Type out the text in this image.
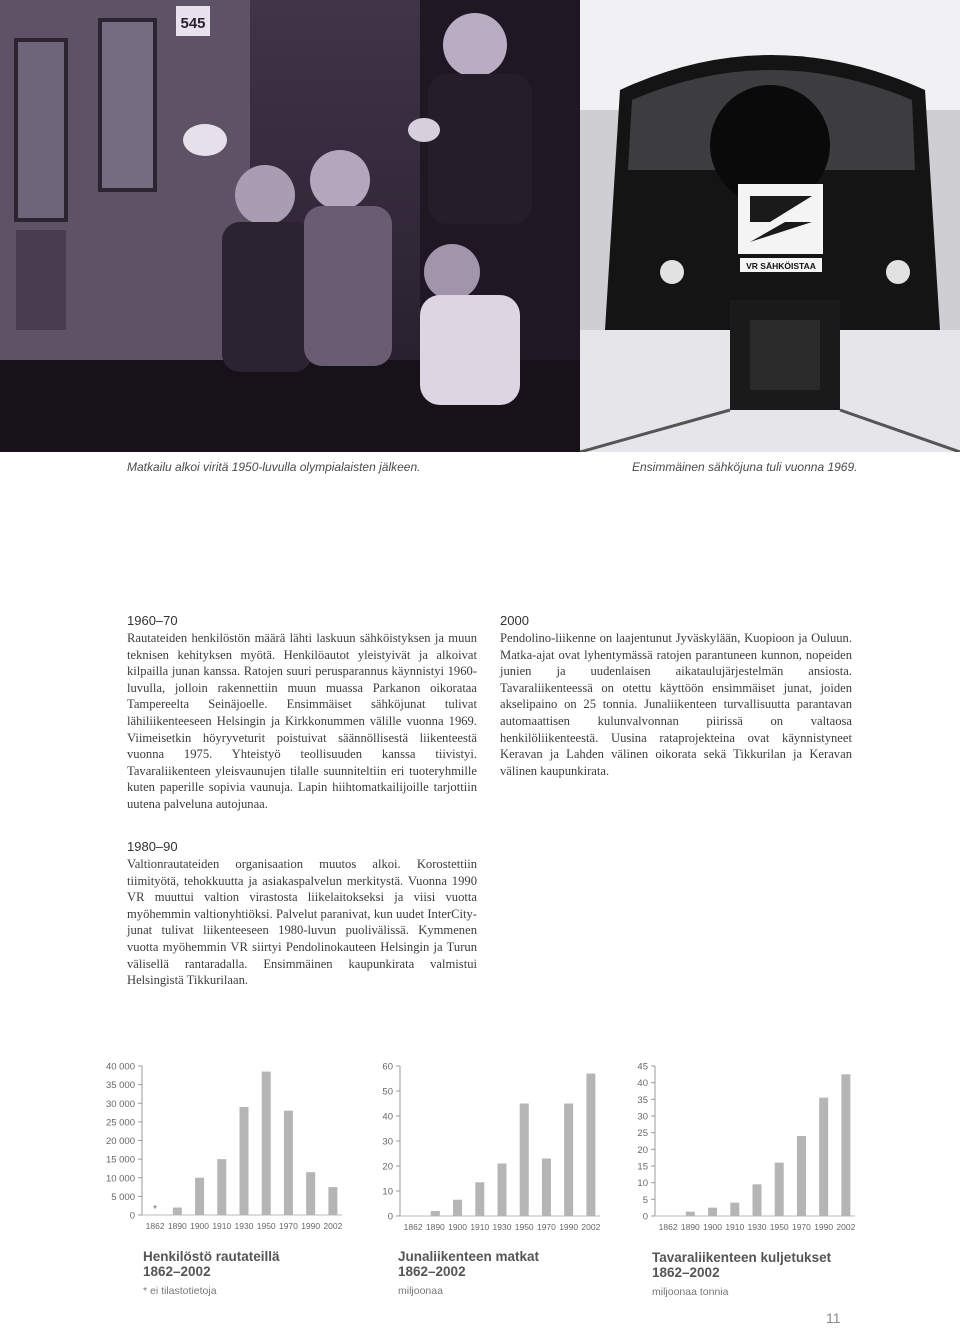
545
VR SÄHKÖISTAA
Matkailu alkoi viritä 1950-luvulla olympialaisten jälkeen.	Ensimmäinen sähköjuna tuli vuonna 1969.
1960–70

Rautateiden henkilöstön määrä lähti laskuun sähköistyksen ja muun teknisen kehityksen myötä. Henkilöautot yleistyivät ja alkoivat kilpailla junan kanssa. Ratojen suuri perusparannus käynnistyi 1960-luvulla, jolloin rakennettiin muun muassa Parkanon oikorataa Tampereelta Seinäjoelle. Ensimmäiset sähköjunat tulivat lähiliikenteeseen Helsingin ja Kirkkonummen välille vuonna 1969. Viimeisetkin höyryveturit poistuivat säännöllisestä liikenteestä vuonna 1975. Yhteistyö teollisuuden kanssa tiivistyi. Tavaraliikenteen yleisvaunujen tilalle suunniteltiin eri tuoteryhmille kuten paperille sopivia vaunuja. Lapin hiihtomatkailijoille tarjottiin uutena palveluna autojunaa.

2000

Pendolino-liikenne on laajentunut Jyväskylään, Kuopioon ja Ouluun. Matka-ajat ovat lyhentymässä ratojen parantuneen kunnon, nopeiden junien ja uudenlaisen aikataulujärjestelmän ansiosta. Tavaraliikenteessä on otettu käyttöön ensimmäiset junat, joiden akselipaino on 25 tonnia. Junaliikenteen turvallisuutta parantavan automaattisen kulunvalvonnan piirissä on valtaosa henkilöliikenteestä. Uusina rataprojekteina ovat käynnistyneet Keravan ja Lahden välinen oikorata sekä Tikkurilan ja Keravan välinen kaupunkirata.

1980–90

Valtionrautateiden organisaation muutos alkoi. Korostettiin tiimityötä, tehokkuutta ja asiakaspalvelun merkitystä. Vuonna 1990 VR muuttui valtion virastosta liikelaitokseksi ja viisi vuotta myöhemmin valtionyhtiöksi. Palvelut paranivat, kun uudet InterCity-junat tulivat liikenteeseen 1980-luvun puolivälissä. Kymmenen vuotta myöhemmin VR siirtyi Pendolinokauteen Helsingin ja Turun välisellä rantaradalla. Ensimmäinen kaupunkirata valmistui Helsingistä Tikkurilaan.

0
5 000
10 000
15 000
20 000
25 000
30 000
35 000
40 000
1862 1890 1900 1910 1930 1950 1970 1990 2002
*
0
10
20
30
40
50
60
1862 1890 1900 1910 1930 1950 1970 1990 2002
0
5
10
15
20
25
30
35
40
45
1862 1890 1900 1910 1930 1950 1970 1990 2002
Henkilöstö rautateillä
1862–2002
* ei tilastotietoja
Junaliikenteen matkat
1862–2002
miljoonaa
Tavaraliikenteen kuljetukset
1862–2002
miljoonaa tonnia
11
